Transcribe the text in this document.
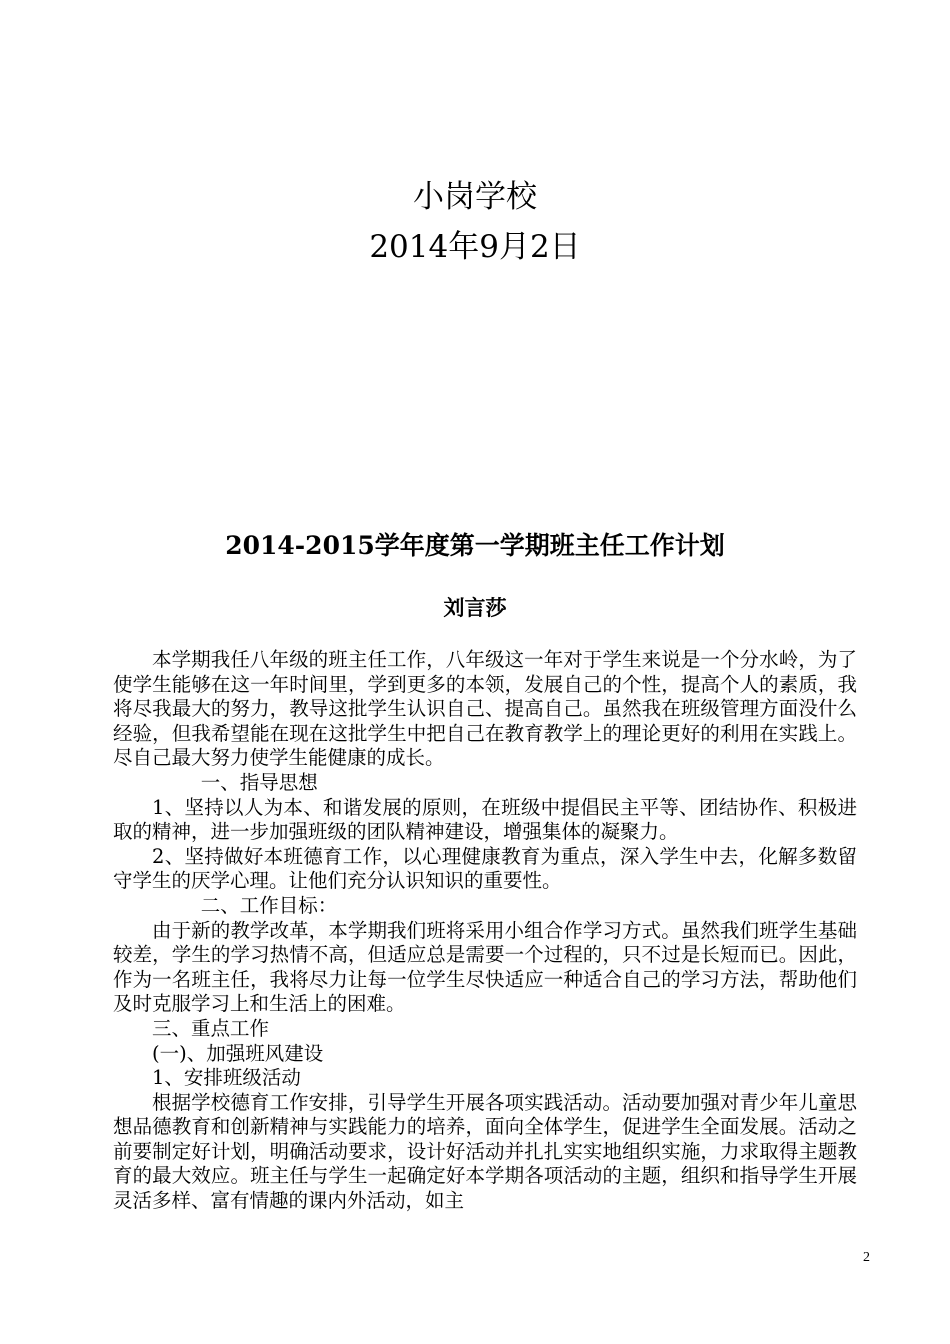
小岗学校

2014年9月2日

2014-2015学年度第一学期班主任工作计划

刘言莎

本学期我任八年级的班主任工作，八年级这一年对于学生来说是一个分水岭，为了使学生能够在这一年时间里，学到更多的本领，发展自己的个性，提高个人的素质，我将尽我最大的努力，教导这批学生认识自己、提高自己。虽然我在班级管理方面没什么经验，但我希望能在现在这批学生中把自己在教育教学上的理论更好的利用在实践上。尽自己最大努力使学生能健康的成长。

一、指导思想

1、坚持以人为本、和谐发展的原则，在班级中提倡民主平等、团结协作、积极进取的精神，进一步加强班级的团队精神建设，增强集体的凝聚力。

2、坚持做好本班德育工作，以心理健康教育为重点，深入学生中去，化解多数留守学生的厌学心理。让他们充分认识知识的重要性。

二、工作目标：

由于新的教学改革，本学期我们班将采用小组合作学习方式。虽然我们班学生基础较差，学生的学习热情不高，但适应总是需要一个过程的，只不过是长短而已。因此，作为一名班主任，我将尽力让每一位学生尽快适应一种适合自己的学习方法，帮助他们及时克服学习上和生活上的困难。

三、重点工作

(一)、加强班风建设

1、安排班级活动

根据学校德育工作安排，引导学生开展各项实践活动。活动要加强对青少年儿童思想品德教育和创新精神与实践能力的培养，面向全体学生，促进学生全面发展。活动之前要制定好计划，明确活动要求，设计好活动并扎扎实实地组织实施，力求取得主题教育的最大效应。班主任与学生一起确定好本学期各项活动的主题，组织和指导学生开展灵活多样、富有情趣的课内外活动，如主

2
